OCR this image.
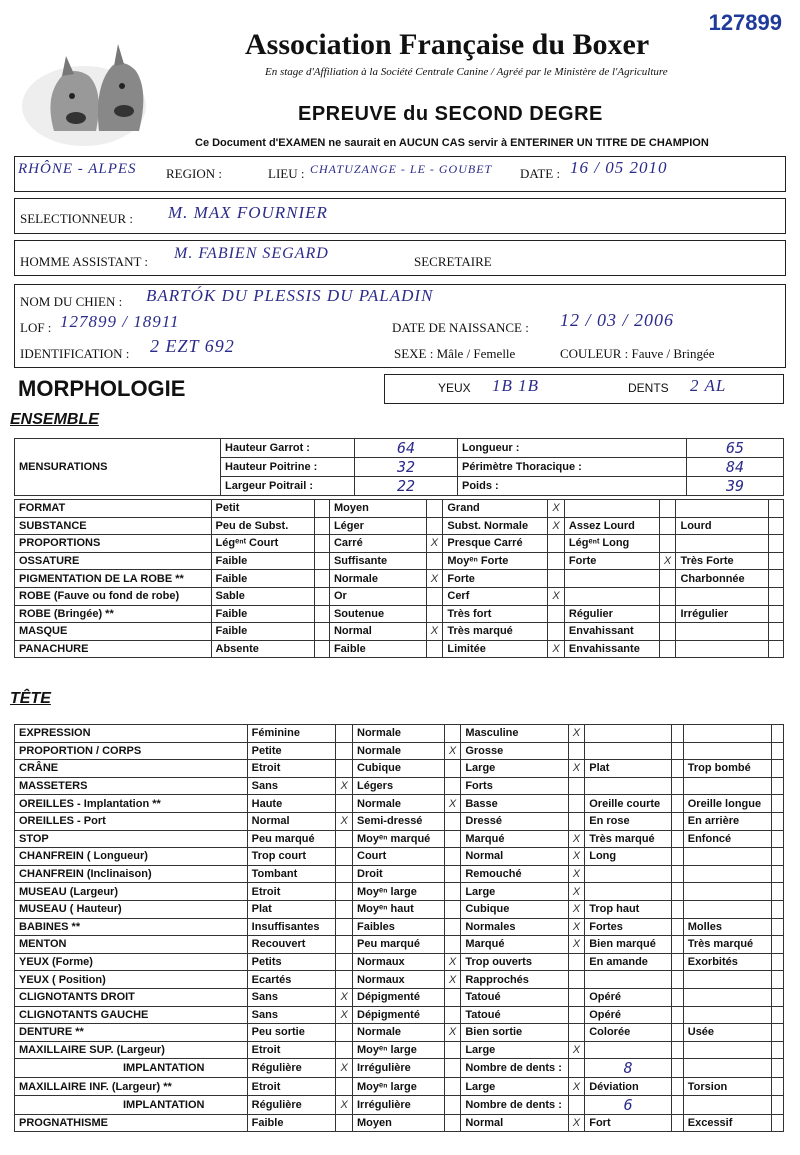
127899
Association Française du Boxer
En stage d'Affiliation à la Société Centrale Canine / Agréé par le Ministère de l'Agriculture
EPREUVE du SECOND DEGRE
Ce Document d'EXAMEN ne saurait en AUCUN CAS servir à ENTERINER UN TITRE DE CHAMPION
RHÔNE - ALPES REGION :	LIEU : CHATUZANGE - LE - GOUBET DATE : 16 / 05 2010
SELECTIONNEUR : M. MAX FOURNIER
HOMME ASSISTANT : M. FABIEN SEGARD	SECRETAIRE
NOM DU CHIEN : BARTÓK DU PLESSIS DU PALADIN
LOF : 127899 / 18911	DATE DE NAISSANCE : 12 / 03 / 2006
IDENTIFICATION : 2 EZT 692	SEXE : Mâle / Femelle	COULEUR : Fauve / Bringée
MORPHOLOGIE	YEUX 1B 1B	DENTS 2 AL
ENSEMBLE
MENSURATIONS	Hauteur Garrot :	64	Longueur :	65
	Hauteur Poitrine :	32	Périmètre Thoracique :	84
	Largeur Poitrail :	22	Poids :	39
FORMAT	Petit		Moyen		Grand	X				
SUBSTANCE	Peu de Subst.		Léger		Subst. Normale	X	Assez Lourd		Lourd	
PROPORTIONS	Légᵉⁿᵗ Court		Carré	X	Presque Carré		Légᵉⁿᵗ Long			
OSSATURE	Faible		Suffisante		Moyᵉⁿ Forte		Forte	X	Très Forte	
PIGMENTATION DE LA ROBE **	Faible		Normale	X	Forte				Charbonnée	
ROBE (Fauve ou fond de robe)	Sable		Or		Cerf	X				
ROBE (Bringée) **	Faible		Soutenue		Très fort		Régulier		Irrégulier	
MASQUE	Faible		Normal	X	Très marqué		Envahissant			
PANACHURE	Absente		Faible		Limitée	X	Envahissante			
TÊTE
EXPRESSION	Féminine		Normale		Masculine	X				
PROPORTION / CORPS	Petite		Normale	X	Grosse					
CRÂNE	Etroit		Cubique		Large	X	Plat		Trop bombé	
MASSETERS	Sans	X	Légers		Forts					
OREILLES - Implantation **	Haute		Normale	X	Basse		Oreille courte		Oreille longue	
OREILLES - Port	Normal	X	Semi-dressé		Dressé		En rose		En arrière	
STOP	Peu marqué		Moyᵉⁿ marqué		Marqué	X	Très marqué		Enfoncé	
CHANFREIN ( Longueur)	Trop court		Court		Normal	X	Long			
CHANFREIN (Inclinaison)	Tombant		Droit		Remouché	X				
MUSEAU (Largeur)	Etroit		Moyᵉⁿ large		Large	X				
MUSEAU ( Hauteur)	Plat		Moyᵉⁿ haut		Cubique	X	Trop haut			
BABINES **	Insuffisantes		Faibles		Normales	X	Fortes		Molles	
MENTON	Recouvert		Peu marqué		Marqué	X	Bien marqué		Très marqué	
YEUX (Forme)	Petits		Normaux	X	Trop ouverts		En amande		Exorbités	
YEUX ( Position)	Ecartés		Normaux	X	Rapprochés					
CLIGNOTANTS DROIT	Sans	X	Dépigmenté		Tatoué		Opéré			
CLIGNOTANTS GAUCHE	Sans	X	Dépigmenté		Tatoué		Opéré			
DENTURE **	Peu sortie		Normale	X	Bien sortie		Colorée		Usée	
MAXILLAIRE SUP. (Largeur)	Etroit		Moyᵉⁿ large		Large	X				
IMPLANTATION	Régulière	X	Irrégulière		Nombre de dents :		8			
MAXILLAIRE INF. (Largeur) **	Etroit		Moyᵉⁿ large		Large	X	Déviation		Torsion	
IMPLANTATION	Régulière	X	Irrégulière		Nombre de dents :		6			
PROGNATHISME	Faible		Moyen		Normal	X	Fort		Excessif	
